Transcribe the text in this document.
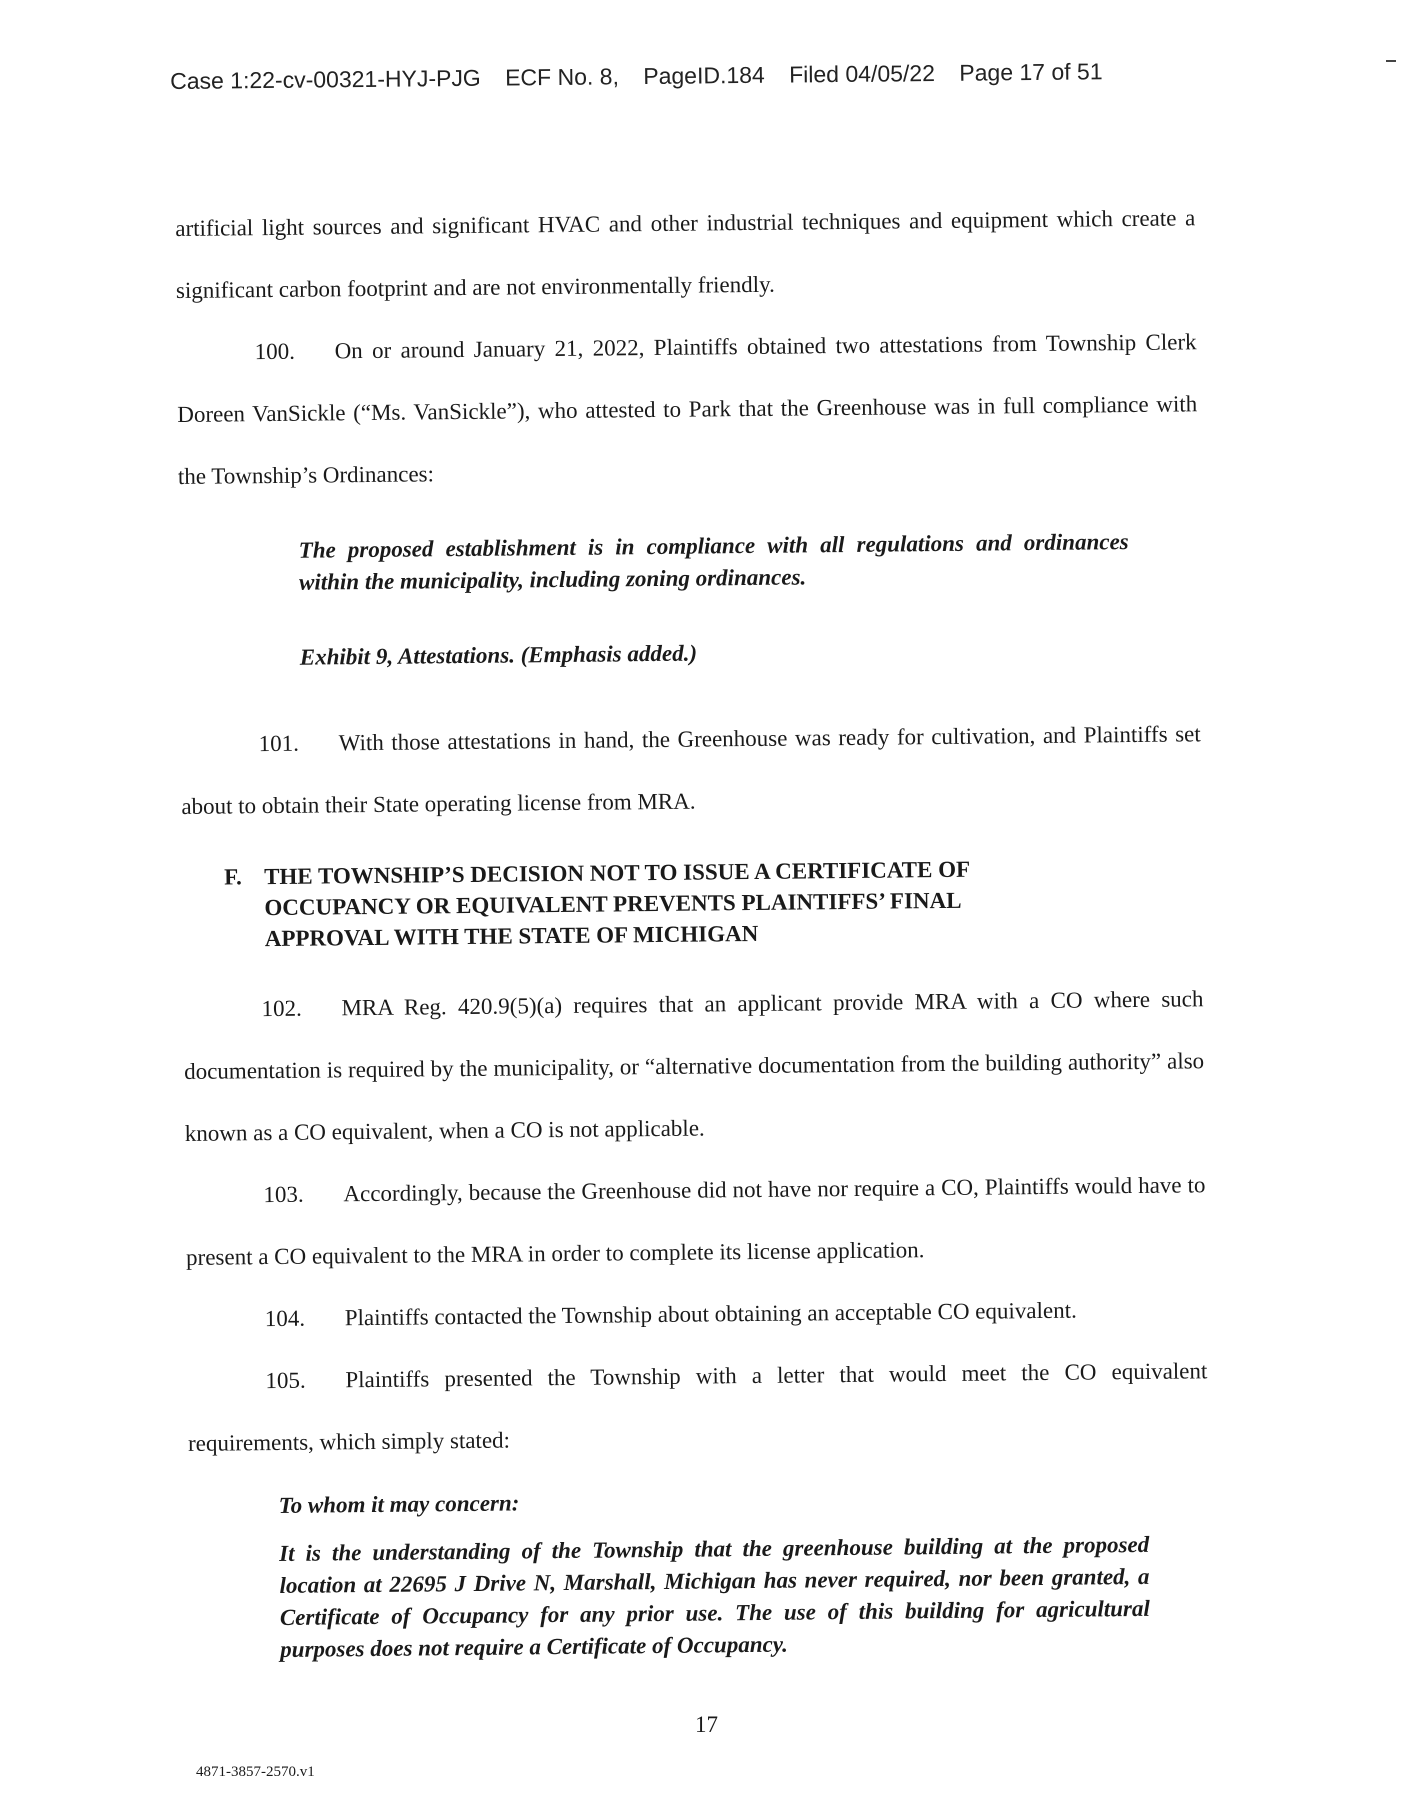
Case 1:22-cv-00321-HYJ-PJG ECF No. 8, PageID.184 Filed 04/05/22 Page 17 of 51

artificial light sources and significant HVAC and other industrial techniques and equipment which create a significant carbon footprint and are not environmentally friendly.

100. On or around January 21, 2022, Plaintiffs obtained two attestations from Township Clerk Doreen VanSickle (“Ms. VanSickle”), who attested to Park that the Greenhouse was in full compliance with the Township’s Ordinances:

The proposed establishment is in compliance with all regulations and ordinances within the municipality, including zoning ordinances.

Exhibit 9, Attestations. (Emphasis added.)

101. With those attestations in hand, the Greenhouse was ready for cultivation, and Plaintiffs set about to obtain their State operating license from MRA.

F. THE TOWNSHIP’S DECISION NOT TO ISSUE A CERTIFICATE OF OCCUPANCY OR EQUIVALENT PREVENTS PLAINTIFFS’ FINAL APPROVAL WITH THE STATE OF MICHIGAN

102. MRA Reg. 420.9(5)(a) requires that an applicant provide MRA with a CO where such documentation is required by the municipality, or “alternative documentation from the building authority” also known as a CO equivalent, when a CO is not applicable.

103. Accordingly, because the Greenhouse did not have nor require a CO, Plaintiffs would have to present a CO equivalent to the MRA in order to complete its license application.

104. Plaintiffs contacted the Township about obtaining an acceptable CO equivalent.

105. Plaintiffs presented the Township with a letter that would meet the CO equivalent requirements, which simply stated:

To whom it may concern:

It is the understanding of the Township that the greenhouse building at the proposed location at 22695 J Drive N, Marshall, Michigan has never required, nor been granted, a Certificate of Occupancy for any prior use. The use of this building for agricultural purposes does not require a Certificate of Occupancy.

17
4871-3857-2570.v1
